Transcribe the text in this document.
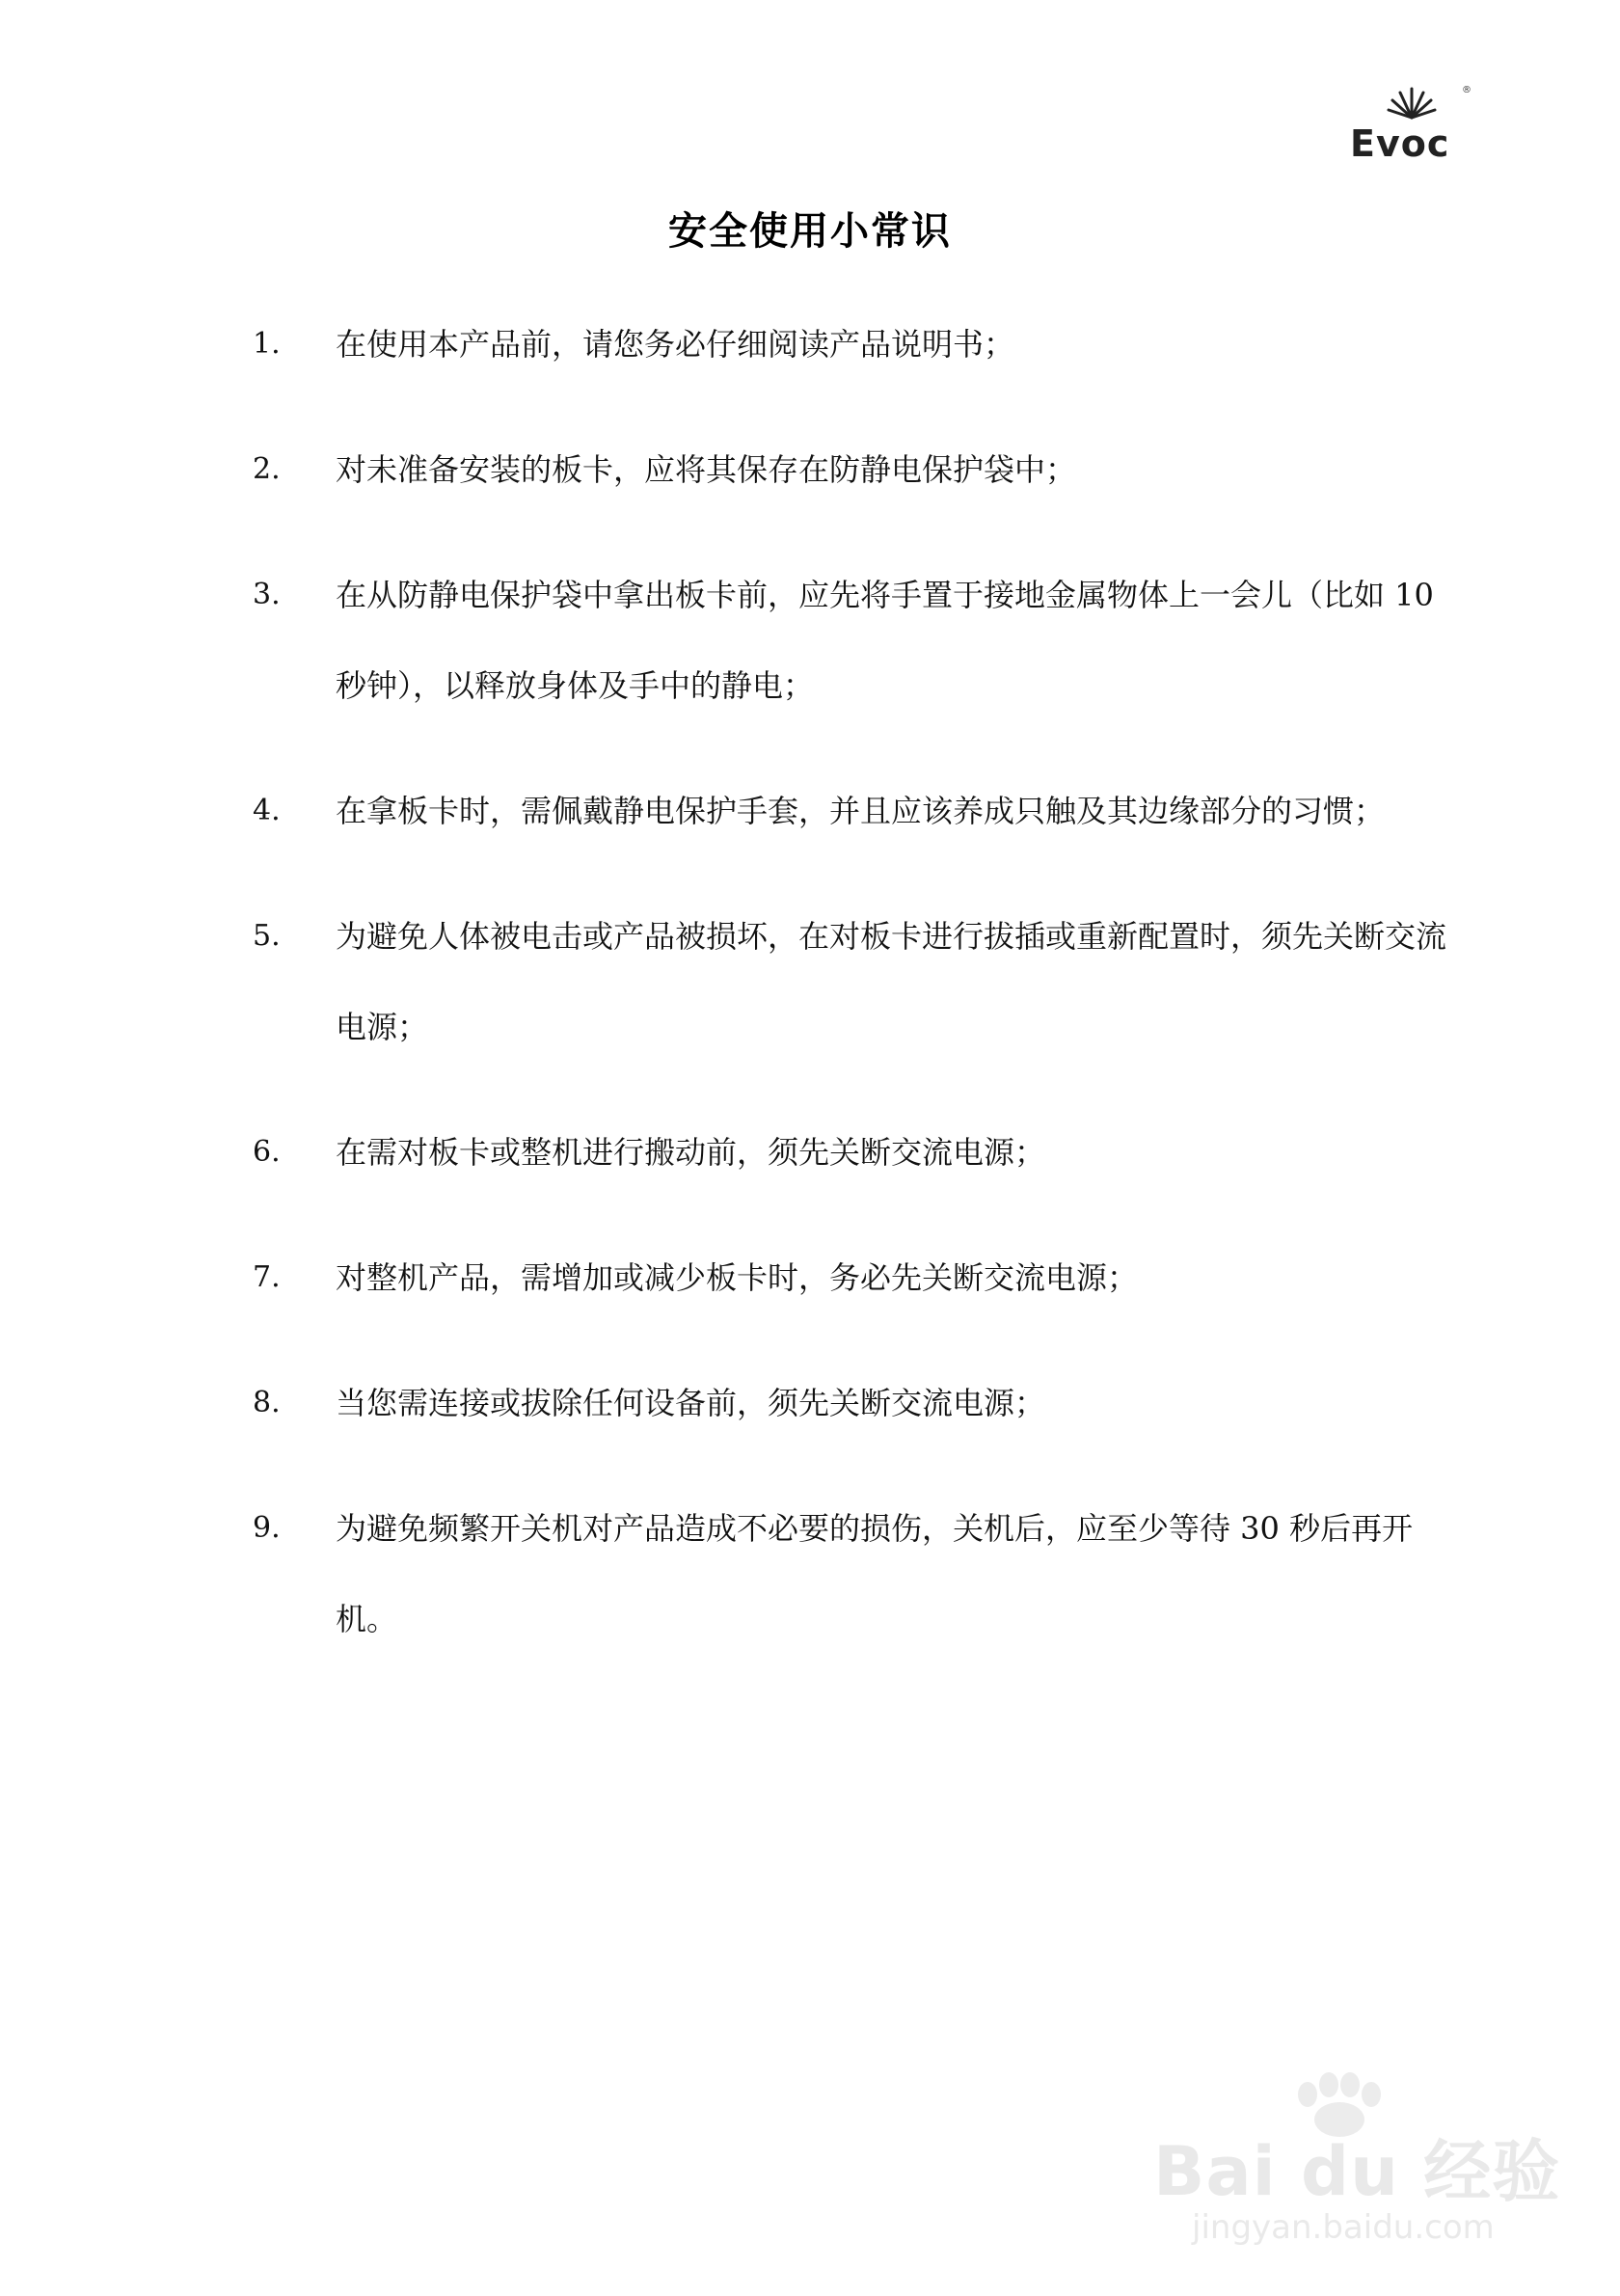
®
Evoc
安全使用小常识
1.	在使用本产品前，请您务必仔细阅读产品说明书；
2.	对未准备安装的板卡，应将其保存在防静电保护袋中；
3.	在从防静电保护袋中拿出板卡前，应先将手置于接地金属物体上一会儿（比如 10 秒钟），以释放身体及手中的静电；
4.	在拿板卡时，需佩戴静电保护手套，并且应该养成只触及其边缘部分的习惯；
5.	为避免人体被电击或产品被损坏，在对板卡进行拔插或重新配置时，须先关断交流电源；
6.	在需对板卡或整机进行搬动前，须先关断交流电源；
7.	对整机产品，需增加或减少板卡时，务必先关断交流电源；
8.	当您需连接或拔除任何设备前，须先关断交流电源；
9.	为避免频繁开关机对产品造成不必要的损伤，关机后，应至少等待 30 秒后再开机。
Bai du 经验
jingyan.baidu.com
